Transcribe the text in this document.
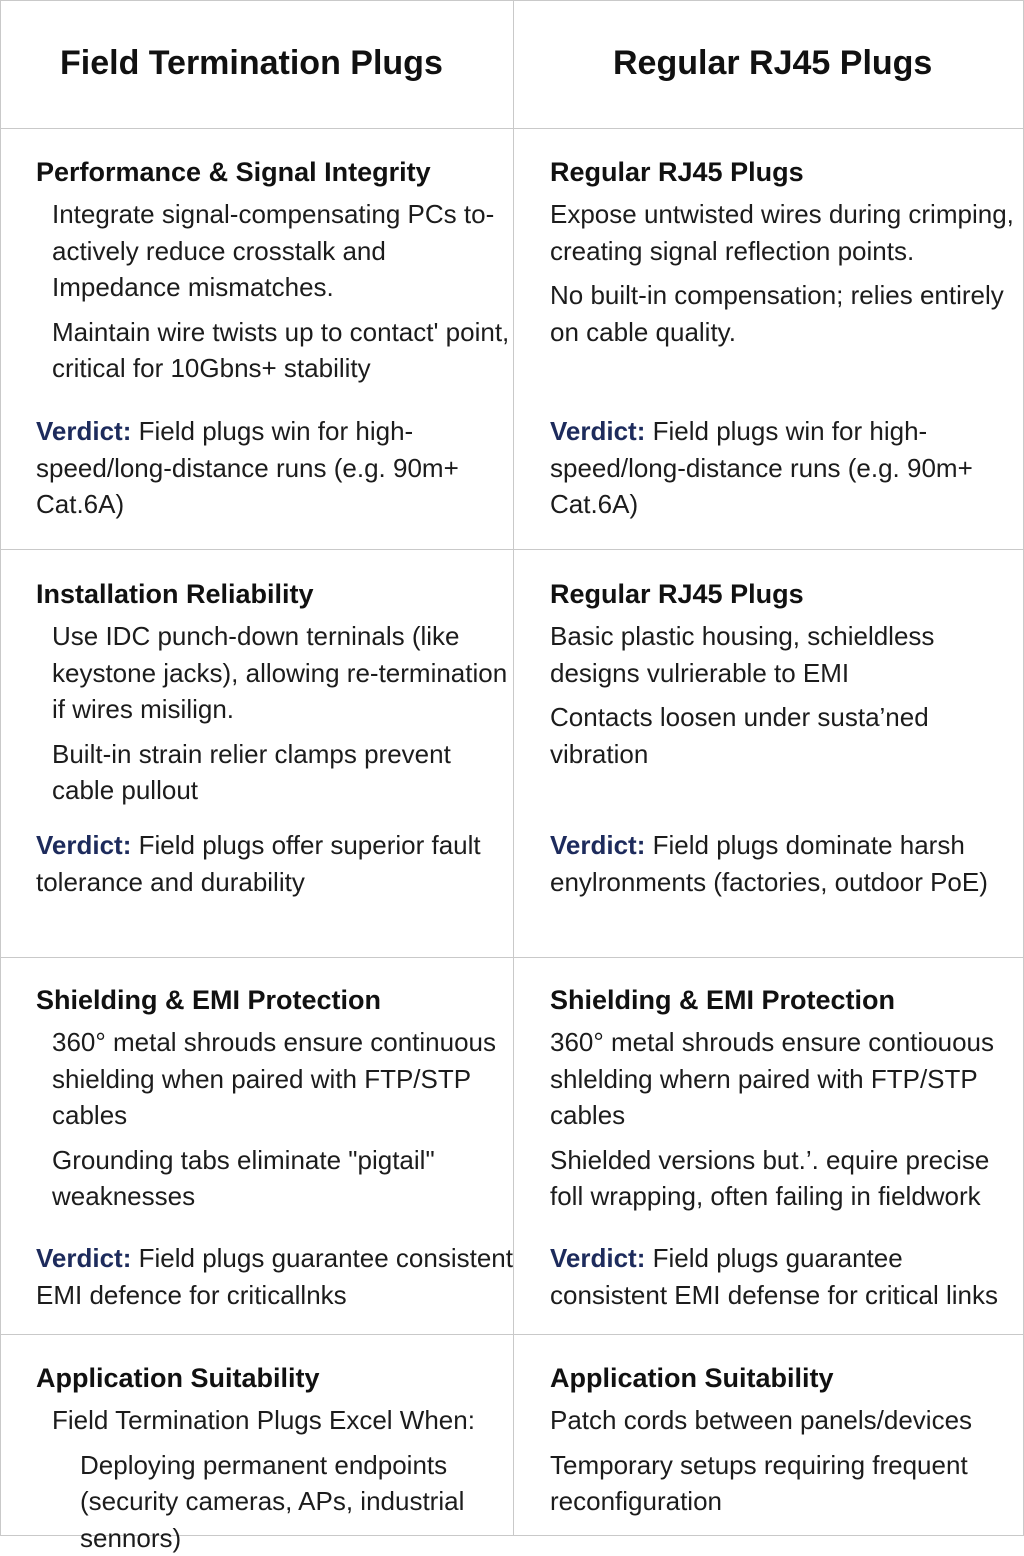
Field Termination Plugs	Regular RJ45 Plugs
Performance & Signal Integrity
Integrate signal-compensating PCs to-actively reduce crosstalk and Impedance mismatches.
Maintain wire twists up to contact' point, critical for 10Gbns+ stability
Verdict: Field plugs win for high-speed/long-distance runs (e.g. 90m+ Cat.6A)
Regular RJ45 Plugs
Expose untwisted wires during crimping, creating signal reflection points.
No built-in compensation; relies entirely on cable quality.
Verdict: Field plugs win for high-speed/long-distance runs (e.g. 90m+ Cat.6A)
Installation Reliability
Use IDC punch-down terninals (like keystone jacks), allowing re-termination if wires misilign.
Built-in strain relier clamps prevent cable pullout
Verdict: Field plugs offer superior fault tolerance and durability
Regular RJ45 Plugs
Basic plastic housing, schieldless designs vulrierable to EMI
Contacts loosen under susta’ned vibration
Verdict: Field plugs dominate harsh enylronments (factories, outdoor PoE)
Shielding & EMI Protection
360° metal shrouds ensure continuous shielding when paired with FTP/STP cables
Grounding tabs eliminate "pigtail" weaknesses
Verdict: Field plugs guarantee consistent EMI defence for criticallnks
Shielding & EMI Protection
360° metal shrouds ensure contiouous shlelding whern paired with FTP/STP cables
Shielded versions but.’. equire precise foll wrapping, often failing in fieldwork
Verdict: Field plugs guarantee consistent EMI defense for critical links
Application Suitability
Field Termination Plugs Excel When:
Deploying permanent endpoints (security cameras, APs, industrial sennors)
Application Suitability
Patch cords between panels/devices
Temporary setups requiring frequent reconfiguration
